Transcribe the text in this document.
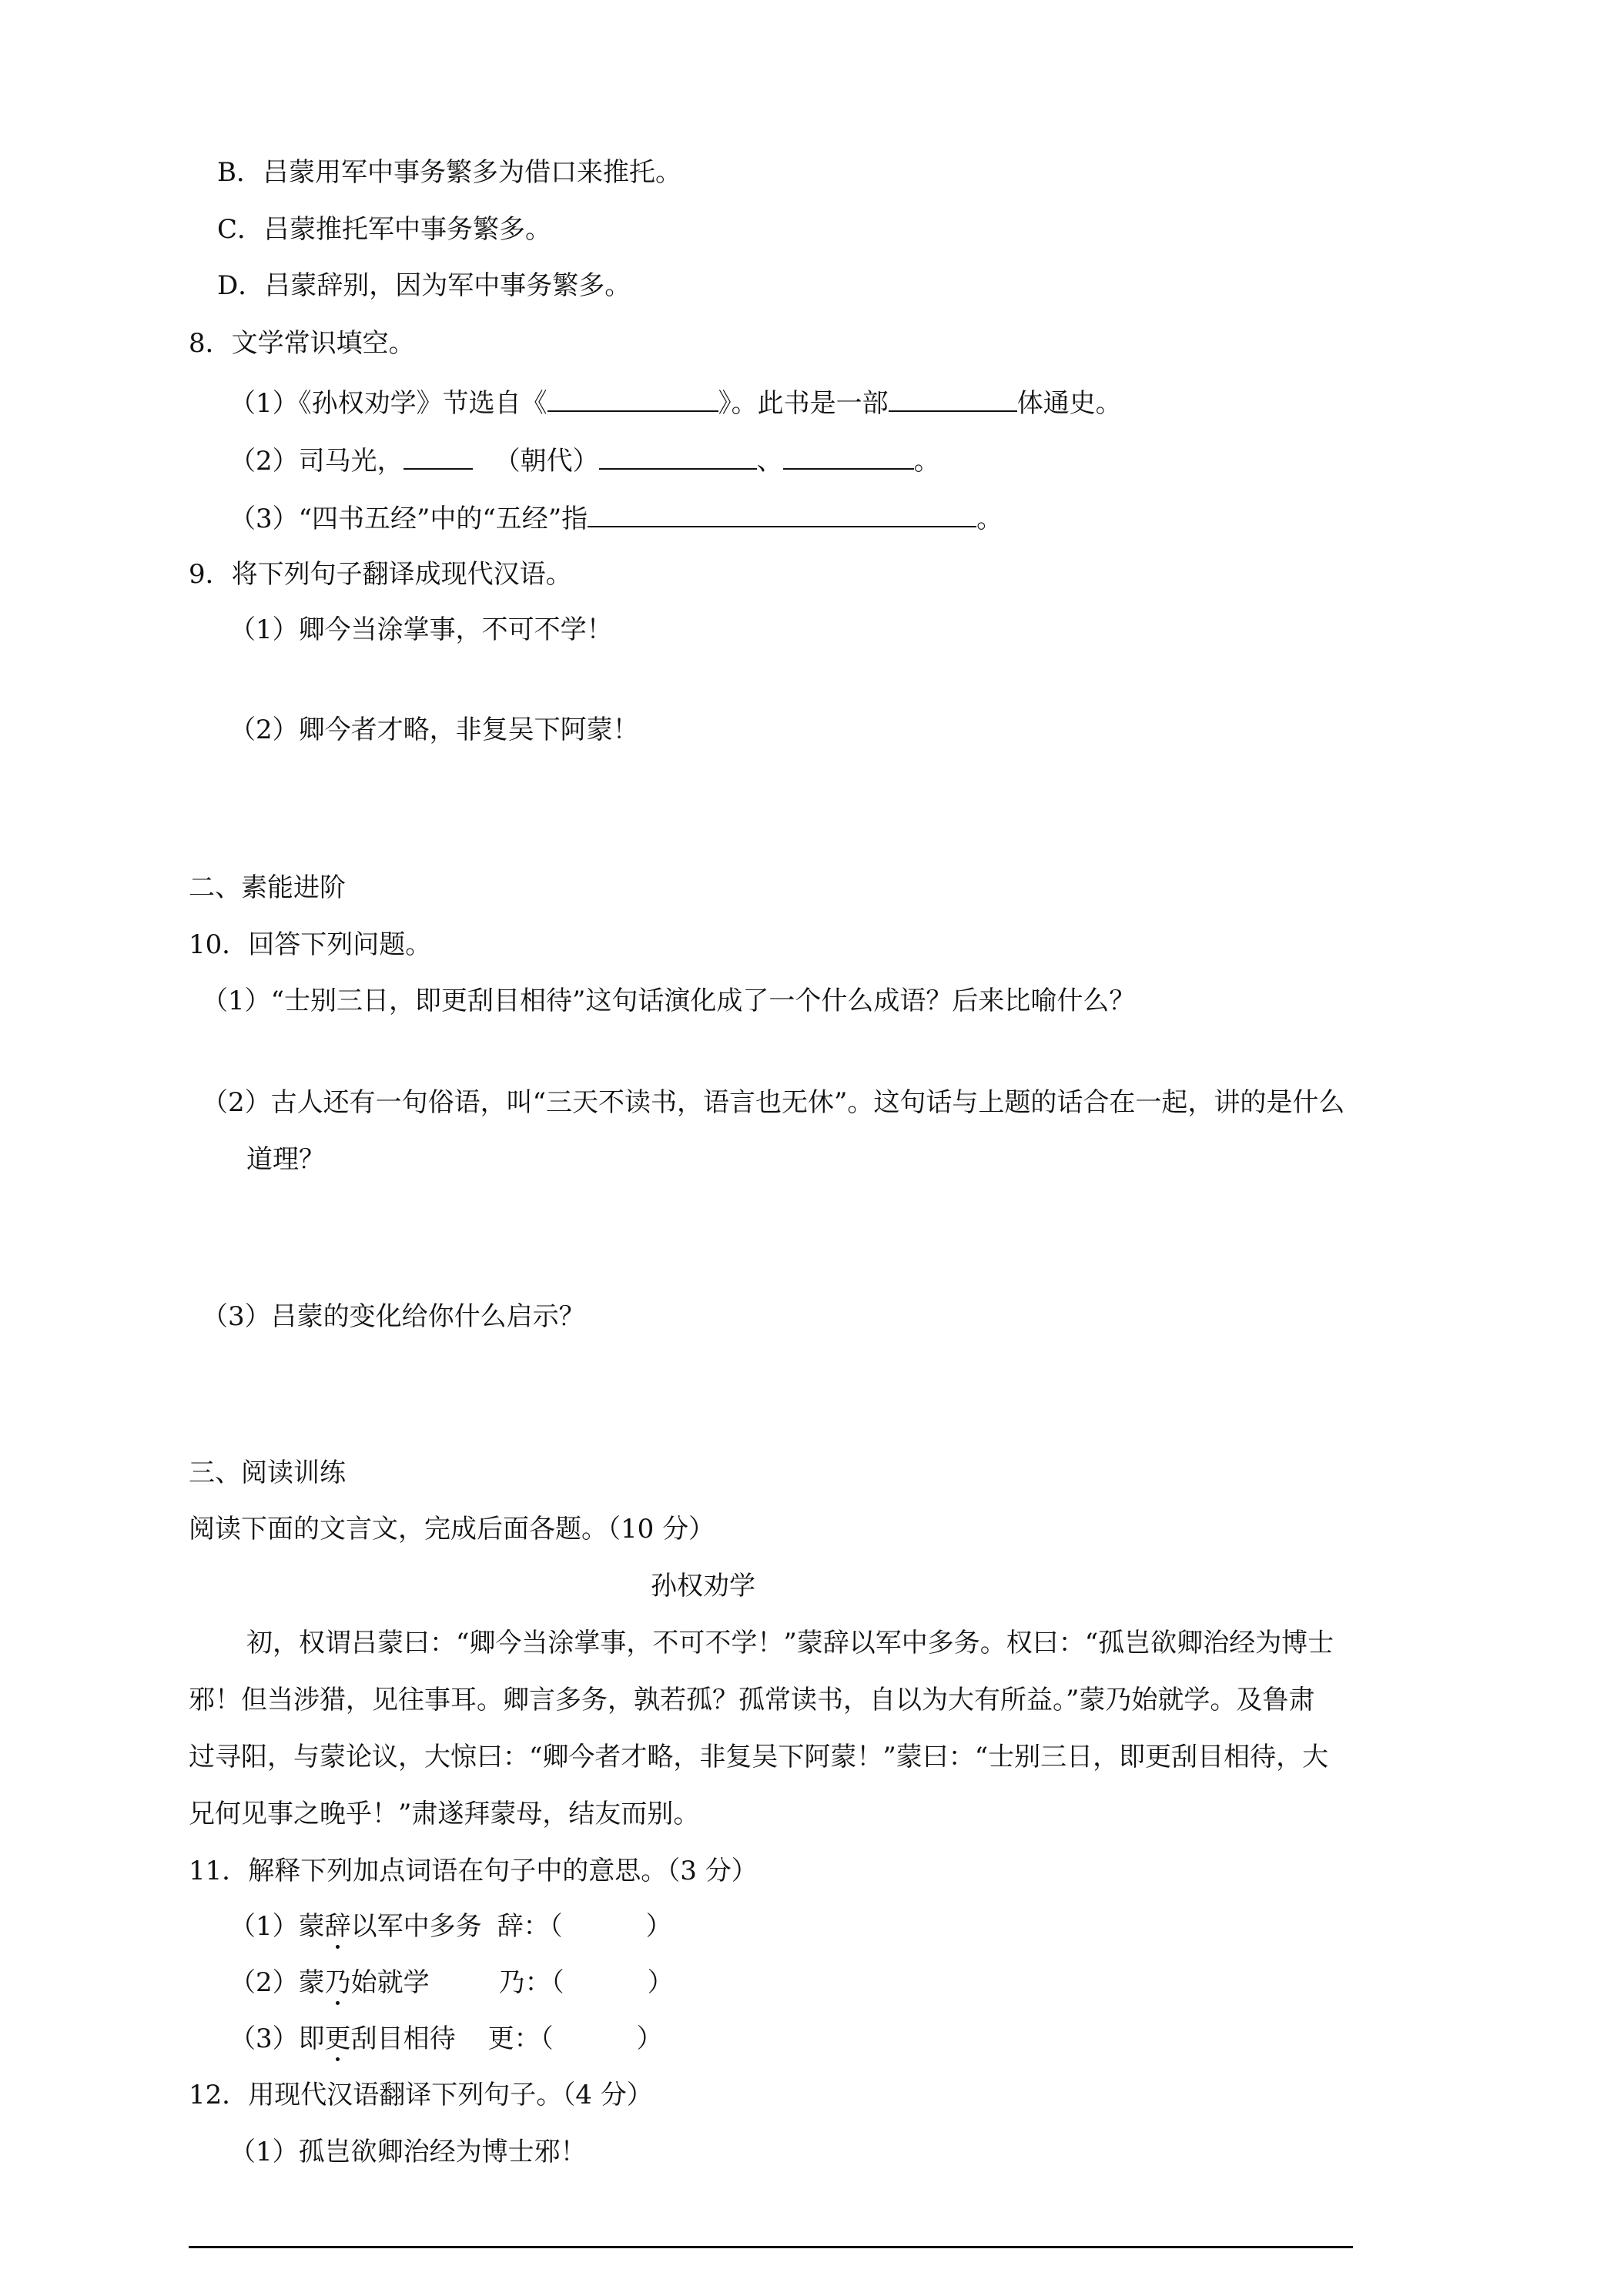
B．吕蒙用军中事务繁多为借口来推托。
C．吕蒙推托军中事务繁多。
D．吕蒙辞别，因为军中事务繁多。
8．文学常识填空。
（1）《孙权劝学》节选自《	》。此书是一部	体通史。
（2）司马光，	（朝代）	、	。
（3）“四书五经”中的“五经”指	。
9．将下列句子翻译成现代汉语。
（1）卿今当涂掌事，不可不学！
（2）卿今者才略，非复吴下阿蒙！
二、素能进阶
10．回答下列问题。
（1）“士别三日，即更刮目相待”这句话演化成了一个什么成语？后来比喻什么？
（2）古人还有一句俗语，叫“三天不读书，语言也无休”。这句话与上题的话合在一起，讲的是什么
道理？
（3）吕蒙的变化给你什么启示？
三、阅读训练
阅读下面的文言文，完成后面各题。（10 分）
孙权劝学
初，权谓吕蒙曰：“卿今当涂掌事，不可不学！”蒙辞以军中多务。权曰：“孤岂欲卿治经为博士
邪！但当涉猎，见往事耳。卿言多务，孰若孤？孤常读书，自以为大有所益。”蒙乃始就学。及鲁肃
过寻阳，与蒙论议，大惊曰：“卿今者才略，非复吴下阿蒙！”蒙曰：“士别三日，即更刮目相待，大
兄何见事之晚乎！”肃遂拜蒙母，结友而别。
11．解释下列加点词语在句子中的意思。（3 分）
（1）蒙辞以军中多务 辞：（	）
（2）蒙乃始就学	乃：（	）
（3）即更刮目相待 更：（	）
12．用现代汉语翻译下列句子。（4 分）
（1）孤岂欲卿治经为博士邪！
